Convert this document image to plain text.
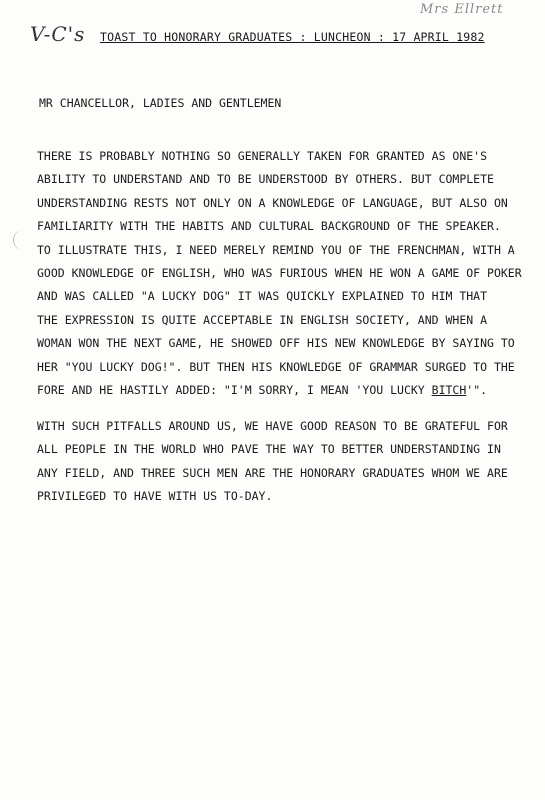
V-C's
Mrs Ellrett
TOAST TO HONORARY GRADUATES : LUNCHEON : 17 APRIL 1982
MR CHANCELLOR, LADIES AND GENTLEMEN
THERE IS PROBABLY NOTHING SO GENERALLY TAKEN FOR GRANTED AS ONE'S
ABILITY TO UNDERSTAND AND TO BE UNDERSTOOD BY OTHERS. BUT COMPLETE
UNDERSTANDING RESTS NOT ONLY ON A KNOWLEDGE OF LANGUAGE, BUT ALSO ON
FAMILIARITY WITH THE HABITS AND CULTURAL BACKGROUND OF THE SPEAKER.
TO ILLUSTRATE THIS, I NEED MERELY REMIND YOU OF THE FRENCHMAN, WITH A
GOOD KNOWLEDGE OF ENGLISH, WHO WAS FURIOUS WHEN HE WON A GAME OF POKER
AND WAS CALLED "A LUCKY DOG" IT WAS QUICKLY EXPLAINED TO HIM THAT
THE EXPRESSION IS QUITE ACCEPTABLE IN ENGLISH SOCIETY, AND WHEN A
WOMAN WON THE NEXT GAME, HE SHOWED OFF HIS NEW KNOWLEDGE BY SAYING TO
HER "YOU LUCKY DOG!". BUT THEN HIS KNOWLEDGE OF GRAMMAR SURGED TO THE
FORE AND HE HASTILY ADDED: "I'M SORRY, I MEAN 'YOU LUCKY BITCH'".
WITH SUCH PITFALLS AROUND US, WE HAVE GOOD REASON TO BE GRATEFUL FOR
ALL PEOPLE IN THE WORLD WHO PAVE THE WAY TO BETTER UNDERSTANDING IN
ANY FIELD, AND THREE SUCH MEN ARE THE HONORARY GRADUATES WHOM WE ARE
PRIVILEGED TO HAVE WITH US TO-DAY.
